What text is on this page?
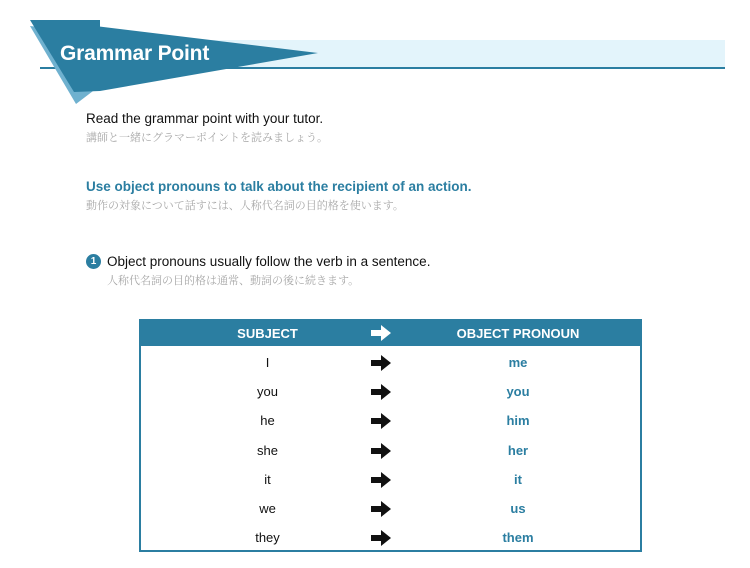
Grammar Point
Read the grammar point with your tutor.
講師と一緒にグラマーポイントを読みましょう。
Use object pronouns to talk about the recipient of an action.
動作の対象について話すには、人称代名詞の目的格を使います。
1 Object pronouns usually follow the verb in a sentence.
人称代名詞の目的格は通常、動詞の後に続きます。
SUBJECT	OBJECT PRONOUN
I	me
you	you
he	him
she	her
it	it
we	us
they	them
